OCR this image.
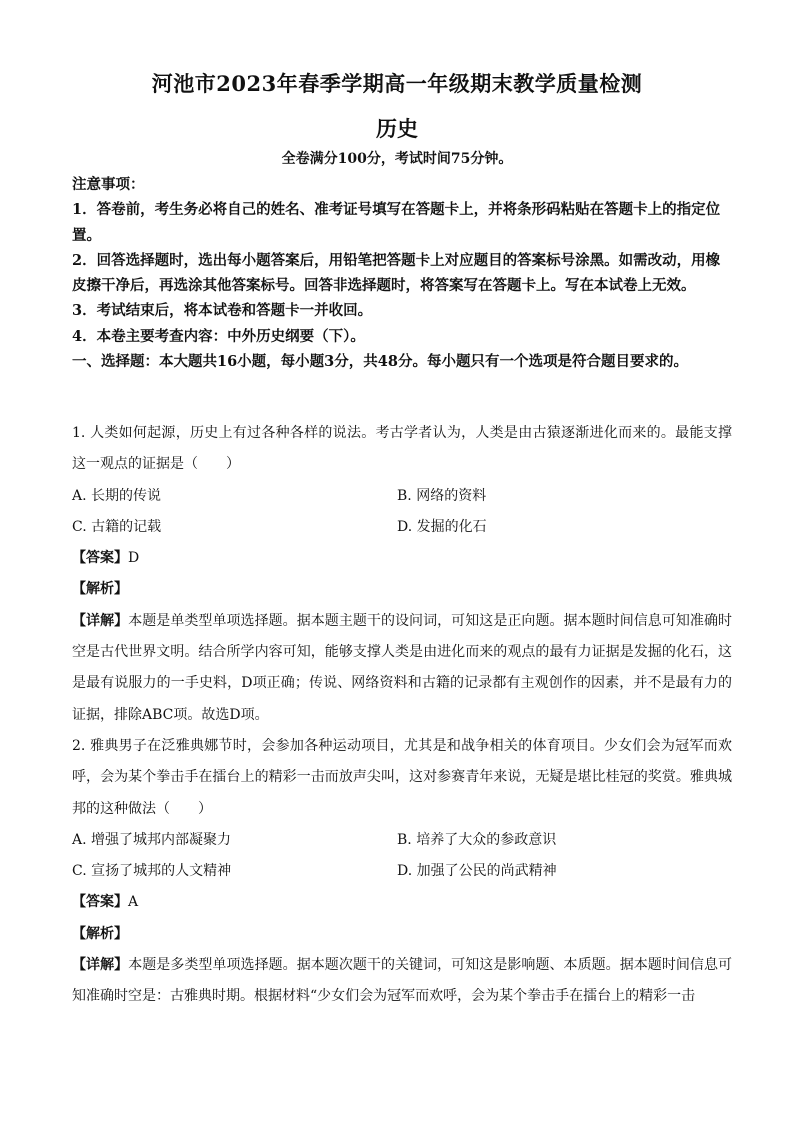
河池市2023年春季学期高一年级期末教学质量检测
历史
全卷满分100分，考试时间75分钟。

注意事项：

1．答卷前，考生务必将自己的姓名、准考证号填写在答题卡上，并将条形码粘贴在答题卡上的指定位置。

2．回答选择题时，选出每小题答案后，用铅笔把答题卡上对应题目的答案标号涂黑。如需改动，用橡皮擦干净后，再选涂其他答案标号。回答非选择题时，将答案写在答题卡上。写在本试卷上无效。

3．考试结束后，将本试卷和答题卡一并收回。

4．本卷主要考查内容：中外历史纲要（下）。

一、选择题：本大题共16小题，每小题3分，共48分。每小题只有一个选项是符合题目要求的。

1. 人类如何起源，历史上有过各种各样的说法。考古学者认为，人类是由古猿逐渐进化而来的。最能支撑这一观点的证据是（　　）

A. 长期的传说	B. 网络的资料
C. 古籍的记载	D. 发掘的化石

【答案】D

【解析】

【详解】本题是单类型单项选择题。据本题主题干的设问词，可知这是正向题。据本题时间信息可知准确时空是古代世界文明。结合所学内容可知，能够支撑人类是由进化而来的观点的最有力证据是发掘的化石，这是最有说服力的一手史料，D项正确；传说、网络资料和古籍的记录都有主观创作的因素，并不是最有力的证据，排除ABC项。故选D项。

2. 雅典男子在泛雅典娜节时，会参加各种运动项目，尤其是和战争相关的体育项目。少女们会为冠军而欢呼，会为某个拳击手在擂台上的精彩一击而放声尖叫，这对参赛青年来说，无疑是堪比桂冠的奖赏。雅典城邦的这种做法（　　）

A. 增强了城邦内部凝聚力	B. 培养了大众的参政意识
C. 宣扬了城邦的人文精神	D. 加强了公民的尚武精神

【答案】A

【解析】

【详解】本题是多类型单项选择题。据本题次题干的关键词，可知这是影响题、本质题。据本题时间信息可知准确时空是：古雅典时期。根据材料“少女们会为冠军而欢呼，会为某个拳击手在擂台上的精彩一击
